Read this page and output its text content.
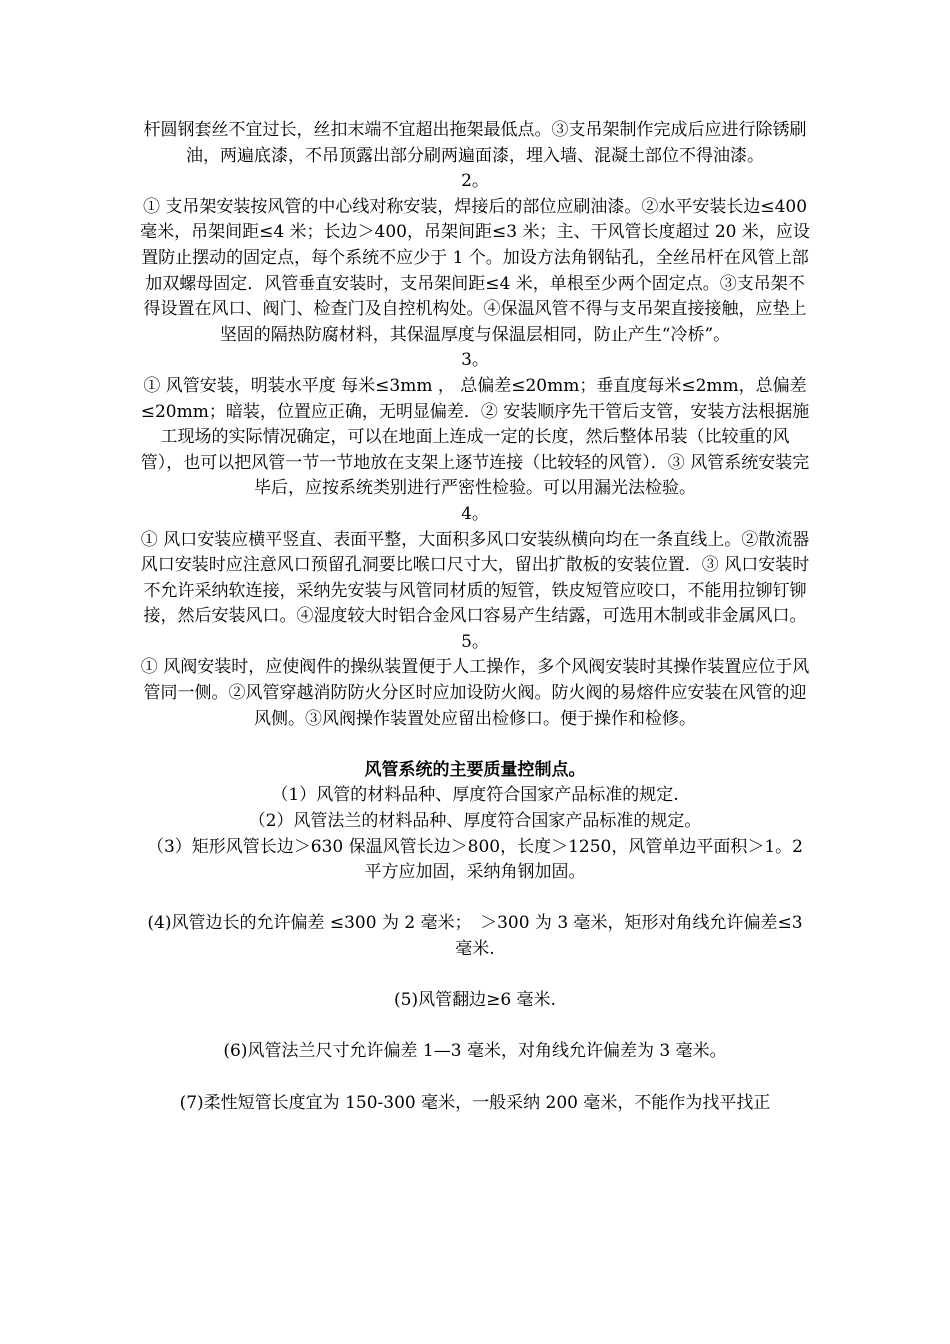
杆圆钢套丝不宜过长，丝扣末端不宜超出拖架最低点。③支吊架制作完成后应进行除锈刷油，两遍底漆，不吊顶露出部分刷两遍面漆，埋入墙、混凝土部位不得油漆。

2。

① 支吊架安装按风管的中心线对称安装，焊接后的部位应刷油漆。②水平安装长边≤400 毫米，吊架间距≤4 米；长边＞400，吊架间距≤3 米；主、干风管长度超过 20 米，应设置防止摆动的固定点，每个系统不应少于 1 个。加设方法角钢钻孔，全丝吊杆在风管上部加双螺母固定．风管垂直安装时，支吊架间距≤4 米，单根至少两个固定点。③支吊架不得设置在风口、阀门、检查门及自控机构处。④保温风管不得与支吊架直接接触，应垫上坚固的隔热防腐材料，其保温厚度与保温层相同，防止产生“冷桥”。

3。

① 风管安装，明装水平度 每米≤3mm ， 总偏差≤20mm；垂直度每米≤2mm，总偏差≤20mm；暗装，位置应正确，无明显偏差．② 安装顺序先干管后支管，安装方法根据施工现场的实际情况确定，可以在地面上连成一定的长度，然后整体吊装（比较重的风管），也可以把风管一节一节地放在支架上逐节连接（比较轻的风管）．③ 风管系统安装完毕后，应按系统类别进行严密性检验。可以用漏光法检验。

4。

① 风口安装应横平竖直、表面平整，大面积多风口安装纵横向均在一条直线上。②散流器风口安装时应注意风口预留孔洞要比喉口尺寸大，留出扩散板的安装位置．③ 风口安装时不允许采纳软连接，采纳先安装与风管同材质的短管，铁皮短管应咬口，不能用拉铆钉铆接，然后安装风口。④湿度较大时铝合金风口容易产生结露，可选用木制或非金属风口。

5。

① 风阀安装时，应使阀件的操纵装置便于人工操作，多个风阀安装时其操作装置应位于风管同一侧。②风管穿越消防防火分区时应加设防火阀。防火阀的易熔件应安装在风管的迎风侧。③风阀操作装置处应留出检修口。便于操作和检修。

风管系统的主要质量控制点。

（1）风管的材料品种、厚度符合国家产品标准的规定.

（2）风管法兰的材料品种、厚度符合国家产品标准的规定。

（3）矩形风管长边＞630 保温风管长边＞800，长度＞1250，风管单边平面积＞1。2 平方应加固，采纳角钢加固。

(4)风管边长的允许偏差 ≤300 为 2 毫米；　＞300 为 3 毫米，矩形对角线允许偏差≤3 毫米.

(5)风管翻边≥6 毫米.

(6)风管法兰尺寸允许偏差 1—3 毫米，对角线允许偏差为 3 毫米。

(7)柔性短管长度宜为 150-300 毫米，一般采纳 200 毫米，不能作为找平找正
